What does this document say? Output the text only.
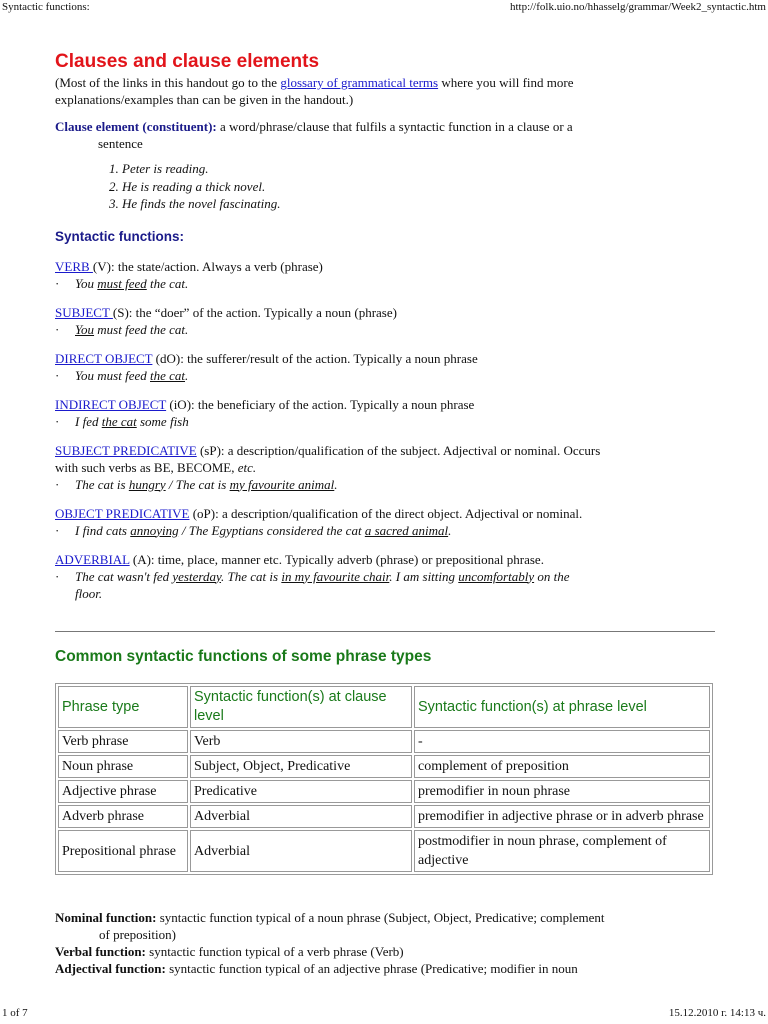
Syntactic functions:	http://folk.uio.no/hhasselg/grammar/Week2_syntactic.htm
Clauses and clause elements

(Most of the links in this handout go to the glossary of grammatical terms where you will find more
explanations/examples than can be given in the handout.)

Clause element (constituent): a word/phrase/clause that fulfils a syntactic function in a clause or a
sentence

1. Peter is reading.
2. He is reading a thick novel.
3. He finds the novel fascinating.
Syntactic functions:

VERB (V): the state/action. Always a verb (phrase)
· You must feed the cat.

SUBJECT (S): the “doer” of the action. Typically a noun (phrase)
· You must feed the cat.

DIRECT OBJECT (dO): the sufferer/result of the action. Typically a noun phrase
· You must feed the cat.

INDIRECT OBJECT (iO): the beneficiary of the action. Typically a noun phrase
· I fed the cat some fish

SUBJECT PREDICATIVE (sP): a description/qualification of the subject. Adjectival or nominal. Occurs
with such verbs as BE, BECOME, etc.
· The cat is hungry / The cat is my favourite animal.

OBJECT PREDICATIVE (oP): a description/qualification of the direct object. Adjectival or nominal.
· I find cats annoying / The Egyptians considered the cat a sacred animal.

ADVERBIAL (A): time, place, manner etc. Typically adverb (phrase) or prepositional phrase.
· The cat wasn't fed yesterday. The cat is in my favourite chair. I am sitting uncomfortably on the
floor.

Common syntactic functions of some phrase types
Phrase type	Syntactic function(s) at clause level	Syntactic function(s) at phrase level
Verb phrase	Verb	-
Noun phrase	Subject, Object, Predicative	complement of preposition
Adjective phrase	Predicative	premodifier in noun phrase
Adverb phrase	Adverbial	premodifier in adjective phrase or in adverb phrase
Prepositional phrase	Adverbial	postmodifier in noun phrase, complement of adjective

Nominal function: syntactic function typical of a noun phrase (Subject, Object, Predicative; complement
of preposition)

Verbal function: syntactic function typical of a verb phrase (Verb)

Adjectival function: syntactic function typical of an adjective phrase (Predicative; modifier in noun

1 of 7	15.12.2010 г. 14:13 ч.
